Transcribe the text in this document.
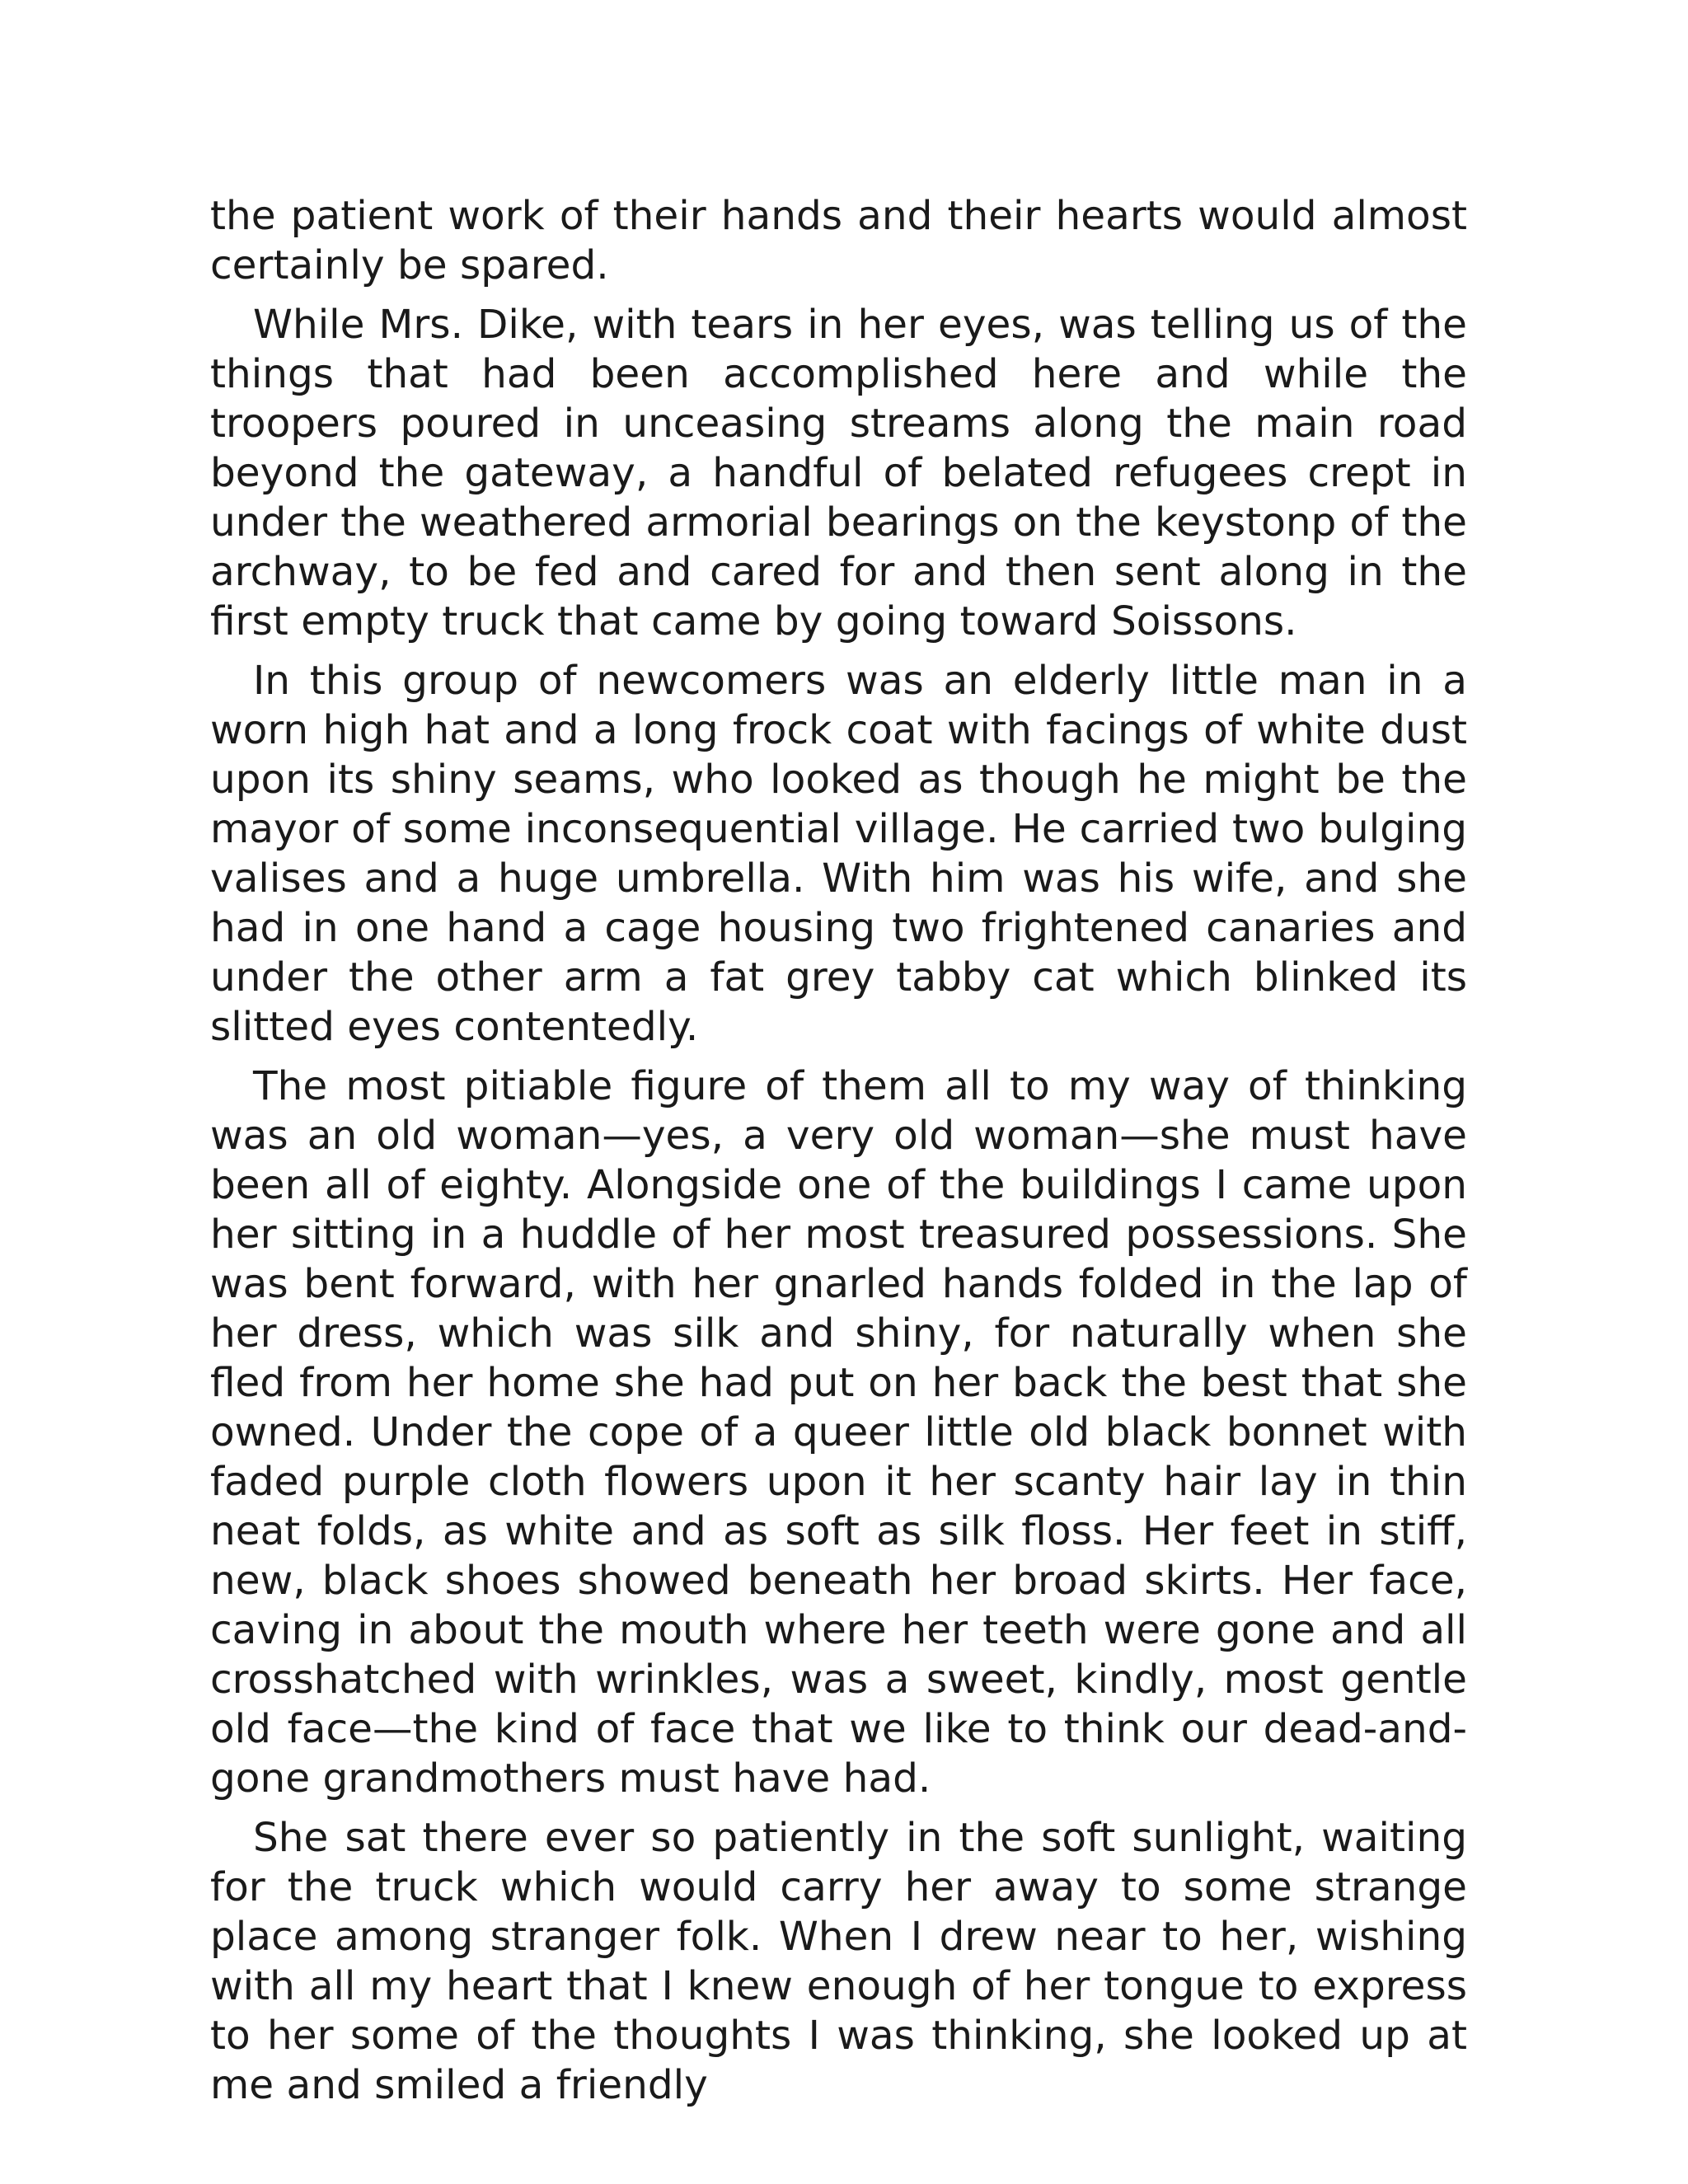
the patient work of their hands and their hearts would almost certainly be spared.

While Mrs. Dike, with tears in her eyes, was telling us of the things that had been accomplished here and while the troopers poured in unceasing streams along the main road beyond the gateway, a handful of belated refugees crept in under the weathered armorial bearings on the keystonp of the archway, to be fed and cared for and then sent along in the first empty truck that came by going toward Soissons.

In this group of newcomers was an elderly little man in a worn high hat and a long frock coat with facings of white dust upon its shiny seams, who looked as though he might be the mayor of some inconsequential village. He carried two bulging valises and a huge umbrella. With him was his wife, and she had in one hand a cage housing two frightened canaries and under the other arm a fat grey tabby cat which blinked its slitted eyes contentedly.

The most pitiable figure of them all to my way of thinking was an old woman—yes, a very old woman—she must have been all of eighty. Alongside one of the buildings I came upon her sitting in a huddle of her most treasured possessions. She was bent forward, with her gnarled hands folded in the lap of her dress, which was silk and shiny, for naturally when she fled from her home she had put on her back the best that she owned. Under the cope of a queer little old black bonnet with faded purple cloth flowers upon it her scanty hair lay in thin neat folds, as white and as soft as silk floss. Her feet in stiff, new, black shoes showed beneath her broad skirts. Her face, caving in about the mouth where her teeth were gone and all crosshatched with wrinkles, was a sweet, kindly, most gentle old face—the kind of face that we like to think our dead-and-gone grandmothers must have had.

She sat there ever so patiently in the soft sunlight, waiting for the truck which would carry her away to some strange place among stranger folk. When I drew near to her, wishing with all my heart that I knew enough of her tongue to express to her some of the thoughts I was thinking, she looked up at me and smiled a friendly
